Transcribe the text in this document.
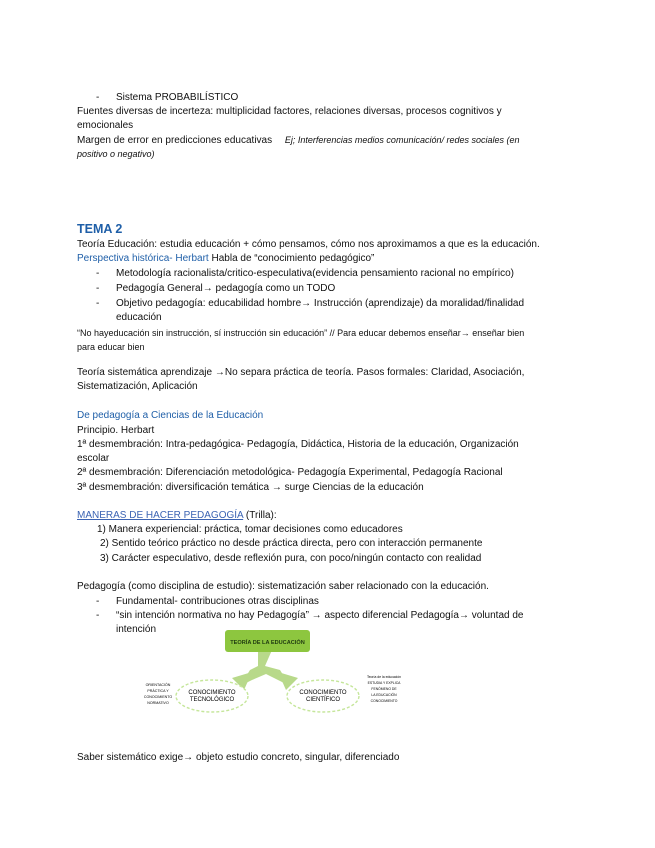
- Sistema PROBABILÍSTICO
Fuentes diversas de incerteza: multiplicidad factores, relaciones diversas, procesos cognitivos y
emocionales
Margen de error en predicciones educativas Ej; Interferencias medios comunicación/ redes sociales (en
positivo o negativo)
TEMA 2
Teoría Educación: estudia educación + cómo pensamos, cómo nos aproximamos a que es la educación.
Perspectiva histórica- Herbart Habla de “conocimiento pedagógico”
- Metodología racionalista/critico-especulativa(evidencia pensamiento racional no empírico)
- Pedagogía General→ pedagogía como un TODO
- Objetivo pedagogía: educabilidad hombre→ Instrucción (aprendizaje) da moralidad/finalidad
educación
“No hayeducación sin instrucción, sí instrucción sin educación” // Para educar debemos enseñar→ enseñar bien
para educar bien
Teoría sistemática aprendizaje →No separa práctica de teoría. Pasos formales: Claridad, Asociación,
Sistematización, Aplicación
De pedagogía a Ciencias de la Educación
Principio. Herbart
1ª desmembración: Intra-pedagógica- Pedagogía, Didáctica, Historia de la educación, Organización
escolar
2ª desmembración: Diferenciación metodológica- Pedagogía Experimental, Pedagogía Racional
3ª desmembración: diversificación temática → surge Ciencias de la educación
MANERAS DE HACER PEDAGOGÍA (Trilla):
1) Manera experiencial: práctica, tomar decisiones como educadores
2) Sentido teórico práctico no desde práctica directa, pero con interacción permanente
3) Carácter especulativo, desde reflexión pura, con poco/ningún contacto con realidad
Pedagogía (como disciplina de estudio): sistematización saber relacionado con la educación.
- Fundamental- contribuciones otras disciplinas
- “sin intención normativa no hay Pedagogía” → aspecto diferencial Pedagogía→ voluntad de
intención
TEORÍA DE LA EDUCACIÓN
CONOCIMIENTO
TECNOLÓGICO
CONOCIMIENTO
CIENTÍFICO
ORIENTACIÓN
PRÁCTICA Y
CONOCIMIENTO
NORMATIVO
Teoría de la educación
ESTUDIA Y EXPLICA
FENÓMENO DE
LA EDUCACIÓN
CONOCIMIENTO
Saber sistemático exige→ objeto estudio concreto, singular, diferenciado
